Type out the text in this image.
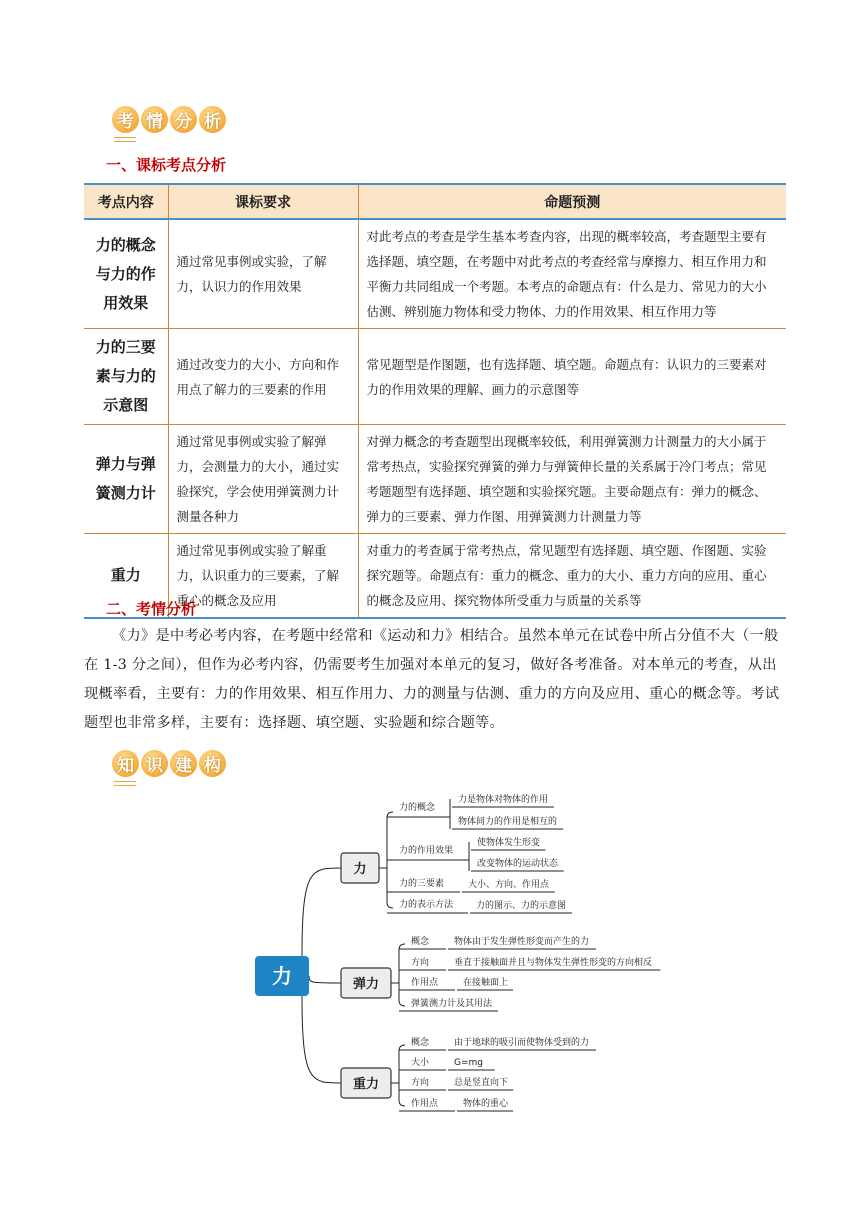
考 情 分 析
一、课标考点分析
考点内容	课标要求	命题预测
力的概念与力的作用效果	通过常见事例或实验，了解力，认识力的作用效果	对此考点的考查是学生基本考查内容，出现的概率较高，考查题型主要有选择题、填空题，在考题中对此考点的考查经常与摩擦力、相互作用力和平衡力共同组成一个考题。本考点的命题点有：什么是力、常见力的大小估测、辨别施力物体和受力物体、力的作用效果、相互作用力等
力的三要素与力的示意图	通过改变力的大小、方向和作用点了解力的三要素的作用	常见题型是作图题，也有选择题、填空题。命题点有：认识力的三要素对力的作用效果的理解、画力的示意图等
弹力与弹簧测力计	通过常见事例或实验了解弹力，会测量力的大小，通过实验探究，学会使用弹簧测力计测量各种力	对弹力概念的考查题型出现概率较低，利用弹簧测力计测量力的大小属于常考热点，实验探究弹簧的弹力与弹簧伸长量的关系属于冷门考点；常见考题题型有选择题、填空题和实验探究题。主要命题点有：弹力的概念、弹力的三要素、弹力作图、用弹簧测力计测量力等
重力	通过常见事例或实验了解重力，认识重力的三要素，了解重心的概念及应用	对重力的考查属于常考热点，常见题型有选择题、填空题、作图题、实验探究题等。命题点有：重力的概念、重力的大小、重力方向的应用、重心的概念及应用、探究物体所受重力与质量的关系等
二、考情分析
《力》是中考必考内容，在考题中经常和《运动和力》相结合。虽然本单元在试卷中所占分值不大（一般在 1-3 分之间），但作为必考内容，仍需要考生加强对本单元的复习，做好各考准备。对本单元的考查，从出现概率看，主要有：力的作用效果、相互作用力、力的测量与估测、重力的方向及应用、重心的概念等。考试题型也非常多样，主要有：选择题、填空题、实验题和综合题等。
知 识 建 构
力
力
力的概念
力是物体对物体的作用
物体间力的作用是相互的
力的作用效果
使物体发生形变
改变物体的运动状态
力的三要素	大小、方向、作用点
力的表示方法	力的图示、力的示意图
弹力
概念	物体由于发生弹性形变而产生的力
方向	垂直于接触面并且与物体发生弹性形变的方向相反
作用点	在接触面上
弹簧测力计及其用法
重力
概念	由于地球的吸引而使物体受到的力
大小	G=mg
方向	总是竖直向下
作用点	物体的重心
